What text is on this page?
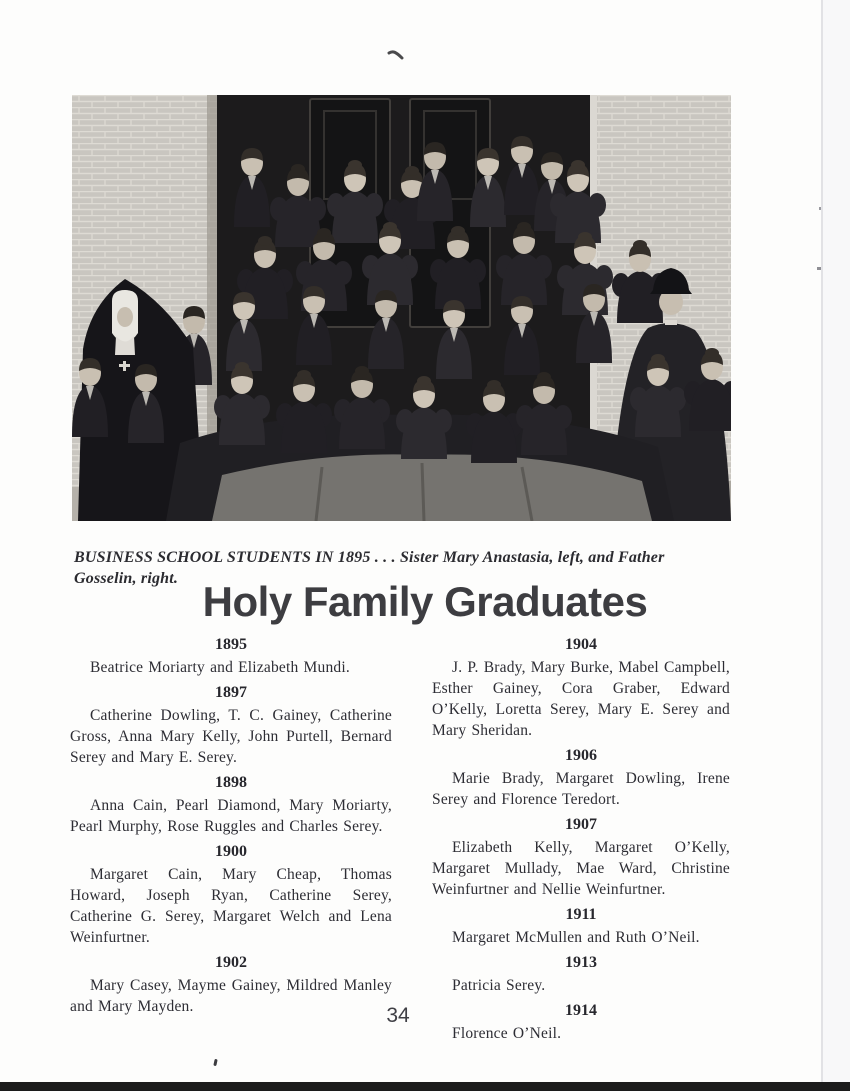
BUSINESS SCHOOL STUDENTS IN 1895 . . . Sister Mary Anastasia, left, and Father Gosselin, right. Holy Family Graduates
1895

Beatrice Moriarty and Elizabeth Mundi.

1897

Catherine Dowling, T. C. Gainey, Catherine Gross, Anna Mary Kelly, John Purtell, Bernard Serey and Mary E. Serey.

1898

Anna Cain, Pearl Diamond, Mary Moriarty, Pearl Murphy, Rose Ruggles and Charles Serey.

1900

Margaret Cain, Mary Cheap, Thomas Howard, Joseph Ryan, Catherine Serey, Catherine G. Serey, Margaret Welch and Lena Weinfurtner.

1902

Mary Casey, Mayme Gainey, Mildred Manley and Mary Mayden.

1904

J. P. Brady, Mary Burke, Mabel Campbell, Esther Gainey, Cora Graber, Edward O’Kelly, Loretta Serey, Mary E. Serey and Mary Sheridan.

1906

Marie Brady, Margaret Dowling, Irene Serey and Florence Teredort.

1907

Elizabeth Kelly, Margaret O’Kelly, Margaret Mullady, Mae Ward, Christine Weinfurtner and Nellie Weinfurtner.

1911

Margaret McMullen and Ruth O’Neil.

1913

Patricia Serey.

1914

Florence O’Neil.

34
